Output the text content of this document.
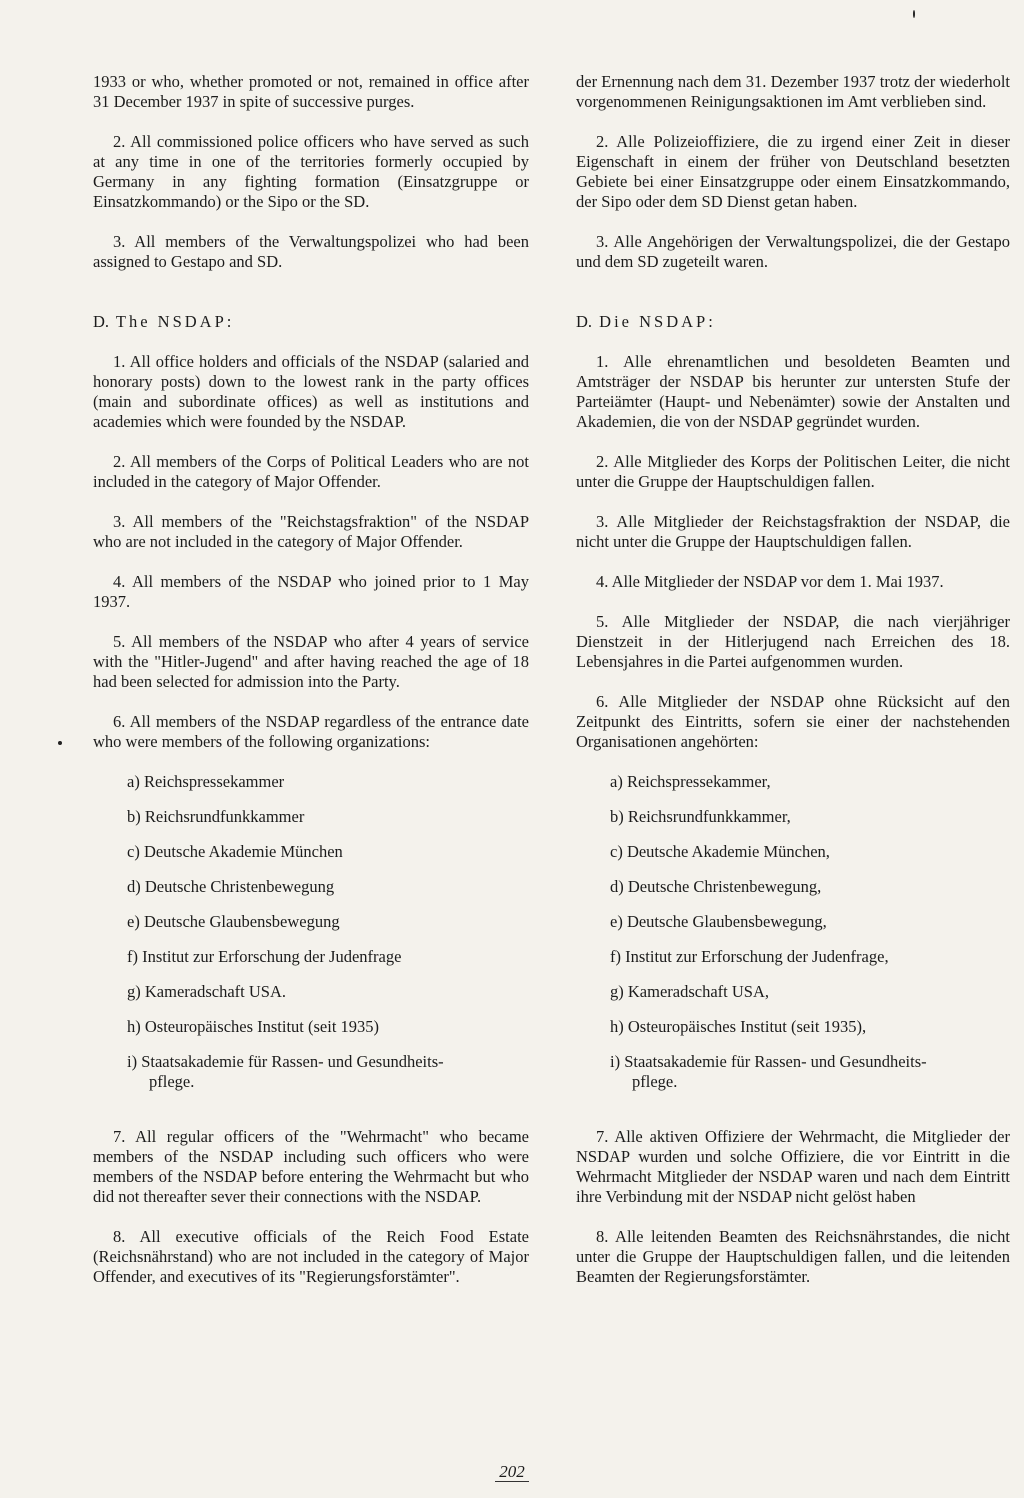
1933 or who, whether promoted or not, remained in office after 31 December 1937 in spite of successive purges.

2. All commissioned police officers who have served as such at any time in one of the territories formerly occupied by Germany in any fighting formation (Einsatzgruppe or Einsatzkommando) or the Sipo or the SD.

3. All members of the Verwaltungspolizei who had been assigned to Gestapo and SD.

D. The NSDAP:

1. All office holders and officials of the NSDAP (salaried and honorary posts) down to the lowest rank in the party offices (main and subordinate offices) as well as institutions and academies which were founded by the NSDAP.

2. All members of the Corps of Political Leaders who are not included in the category of Major Offender.

3. All members of the "Reichstagsfraktion" of the NSDAP who are not included in the category of Major Offender.

4. All members of the NSDAP who joined prior to 1 May 1937.

5. All members of the NSDAP who after 4 years of service with the "Hitler-Jugend" and after having reached the age of 18 had been selected for admission into the Party.

6. All members of the NSDAP regardless of the entrance date who were members of the following organizations:

a) Reichspressekammer
b) Reichsrundfunkkammer
c) Deutsche Akademie München
d) Deutsche Christenbewegung
e) Deutsche Glaubensbewegung
f) Institut zur Erforschung der Judenfrage
g) Kameradschaft USA.
h) Osteuropäisches Institut (seit 1935)
i) Staatsakademie für Rassen- und Gesundheits-
pflege.

7. All regular officers of the "Wehrmacht" who became members of the NSDAP including such officers who were members of the NSDAP before entering the Wehrmacht but who did not thereafter sever their connections with the NSDAP.

8. All executive officials of the Reich Food Estate (Reichsnährstand) who are not included in the category of Major Offender, and executives of its "Regierungsforstämter".

der Ernennung nach dem 31. Dezember 1937 trotz der wiederholt vorgenommenen Reinigungsaktionen im Amt verblieben sind.

2. Alle Polizeioffiziere, die zu irgend einer Zeit in dieser Eigenschaft in einem der früher von Deutschland besetzten Gebiete bei einer Einsatzgruppe oder einem Einsatzkommando, der Sipo oder dem SD Dienst getan haben.

3. Alle Angehörigen der Verwaltungspolizei, die der Gestapo und dem SD zugeteilt waren.

D. Die NSDAP:

1. Alle ehrenamtlichen und besoldeten Beamten und Amtsträger der NSDAP bis herunter zur untersten Stufe der Parteiämter (Haupt- und Nebenämter) sowie der Anstalten und Akademien, die von der NSDAP gegründet wurden.

2. Alle Mitglieder des Korps der Politischen Leiter, die nicht unter die Gruppe der Hauptschuldigen fallen.

3. Alle Mitglieder der Reichstagsfraktion der NSDAP, die nicht unter die Gruppe der Hauptschuldigen fallen.

4. Alle Mitglieder der NSDAP vor dem 1. Mai 1937.

5. Alle Mitglieder der NSDAP, die nach vierjähriger Dienstzeit in der Hitlerjugend nach Erreichen des 18. Lebensjahres in die Partei aufgenommen wurden.

6. Alle Mitglieder der NSDAP ohne Rücksicht auf den Zeitpunkt des Eintritts, sofern sie einer der nachstehenden Organisationen angehörten:

a) Reichspressekammer,
b) Reichsrundfunkkammer,
c) Deutsche Akademie München,
d) Deutsche Christenbewegung,
e) Deutsche Glaubensbewegung,
f) Institut zur Erforschung der Judenfrage,
g) Kameradschaft USA,
h) Osteuropäisches Institut (seit 1935),
i) Staatsakademie für Rassen- und Gesundheits-
pflege.

7. Alle aktiven Offiziere der Wehrmacht, die Mitglieder der NSDAP wurden und solche Offiziere, die vor Eintritt in die Wehrmacht Mitglieder der NSDAP waren und nach dem Eintritt ihre Verbindung mit der NSDAP nicht gelöst haben

8. Alle leitenden Beamten des Reichsnährstandes, die nicht unter die Gruppe der Hauptschuldigen fallen, und die leitenden Beamten der Regierungsforstämter.

202
